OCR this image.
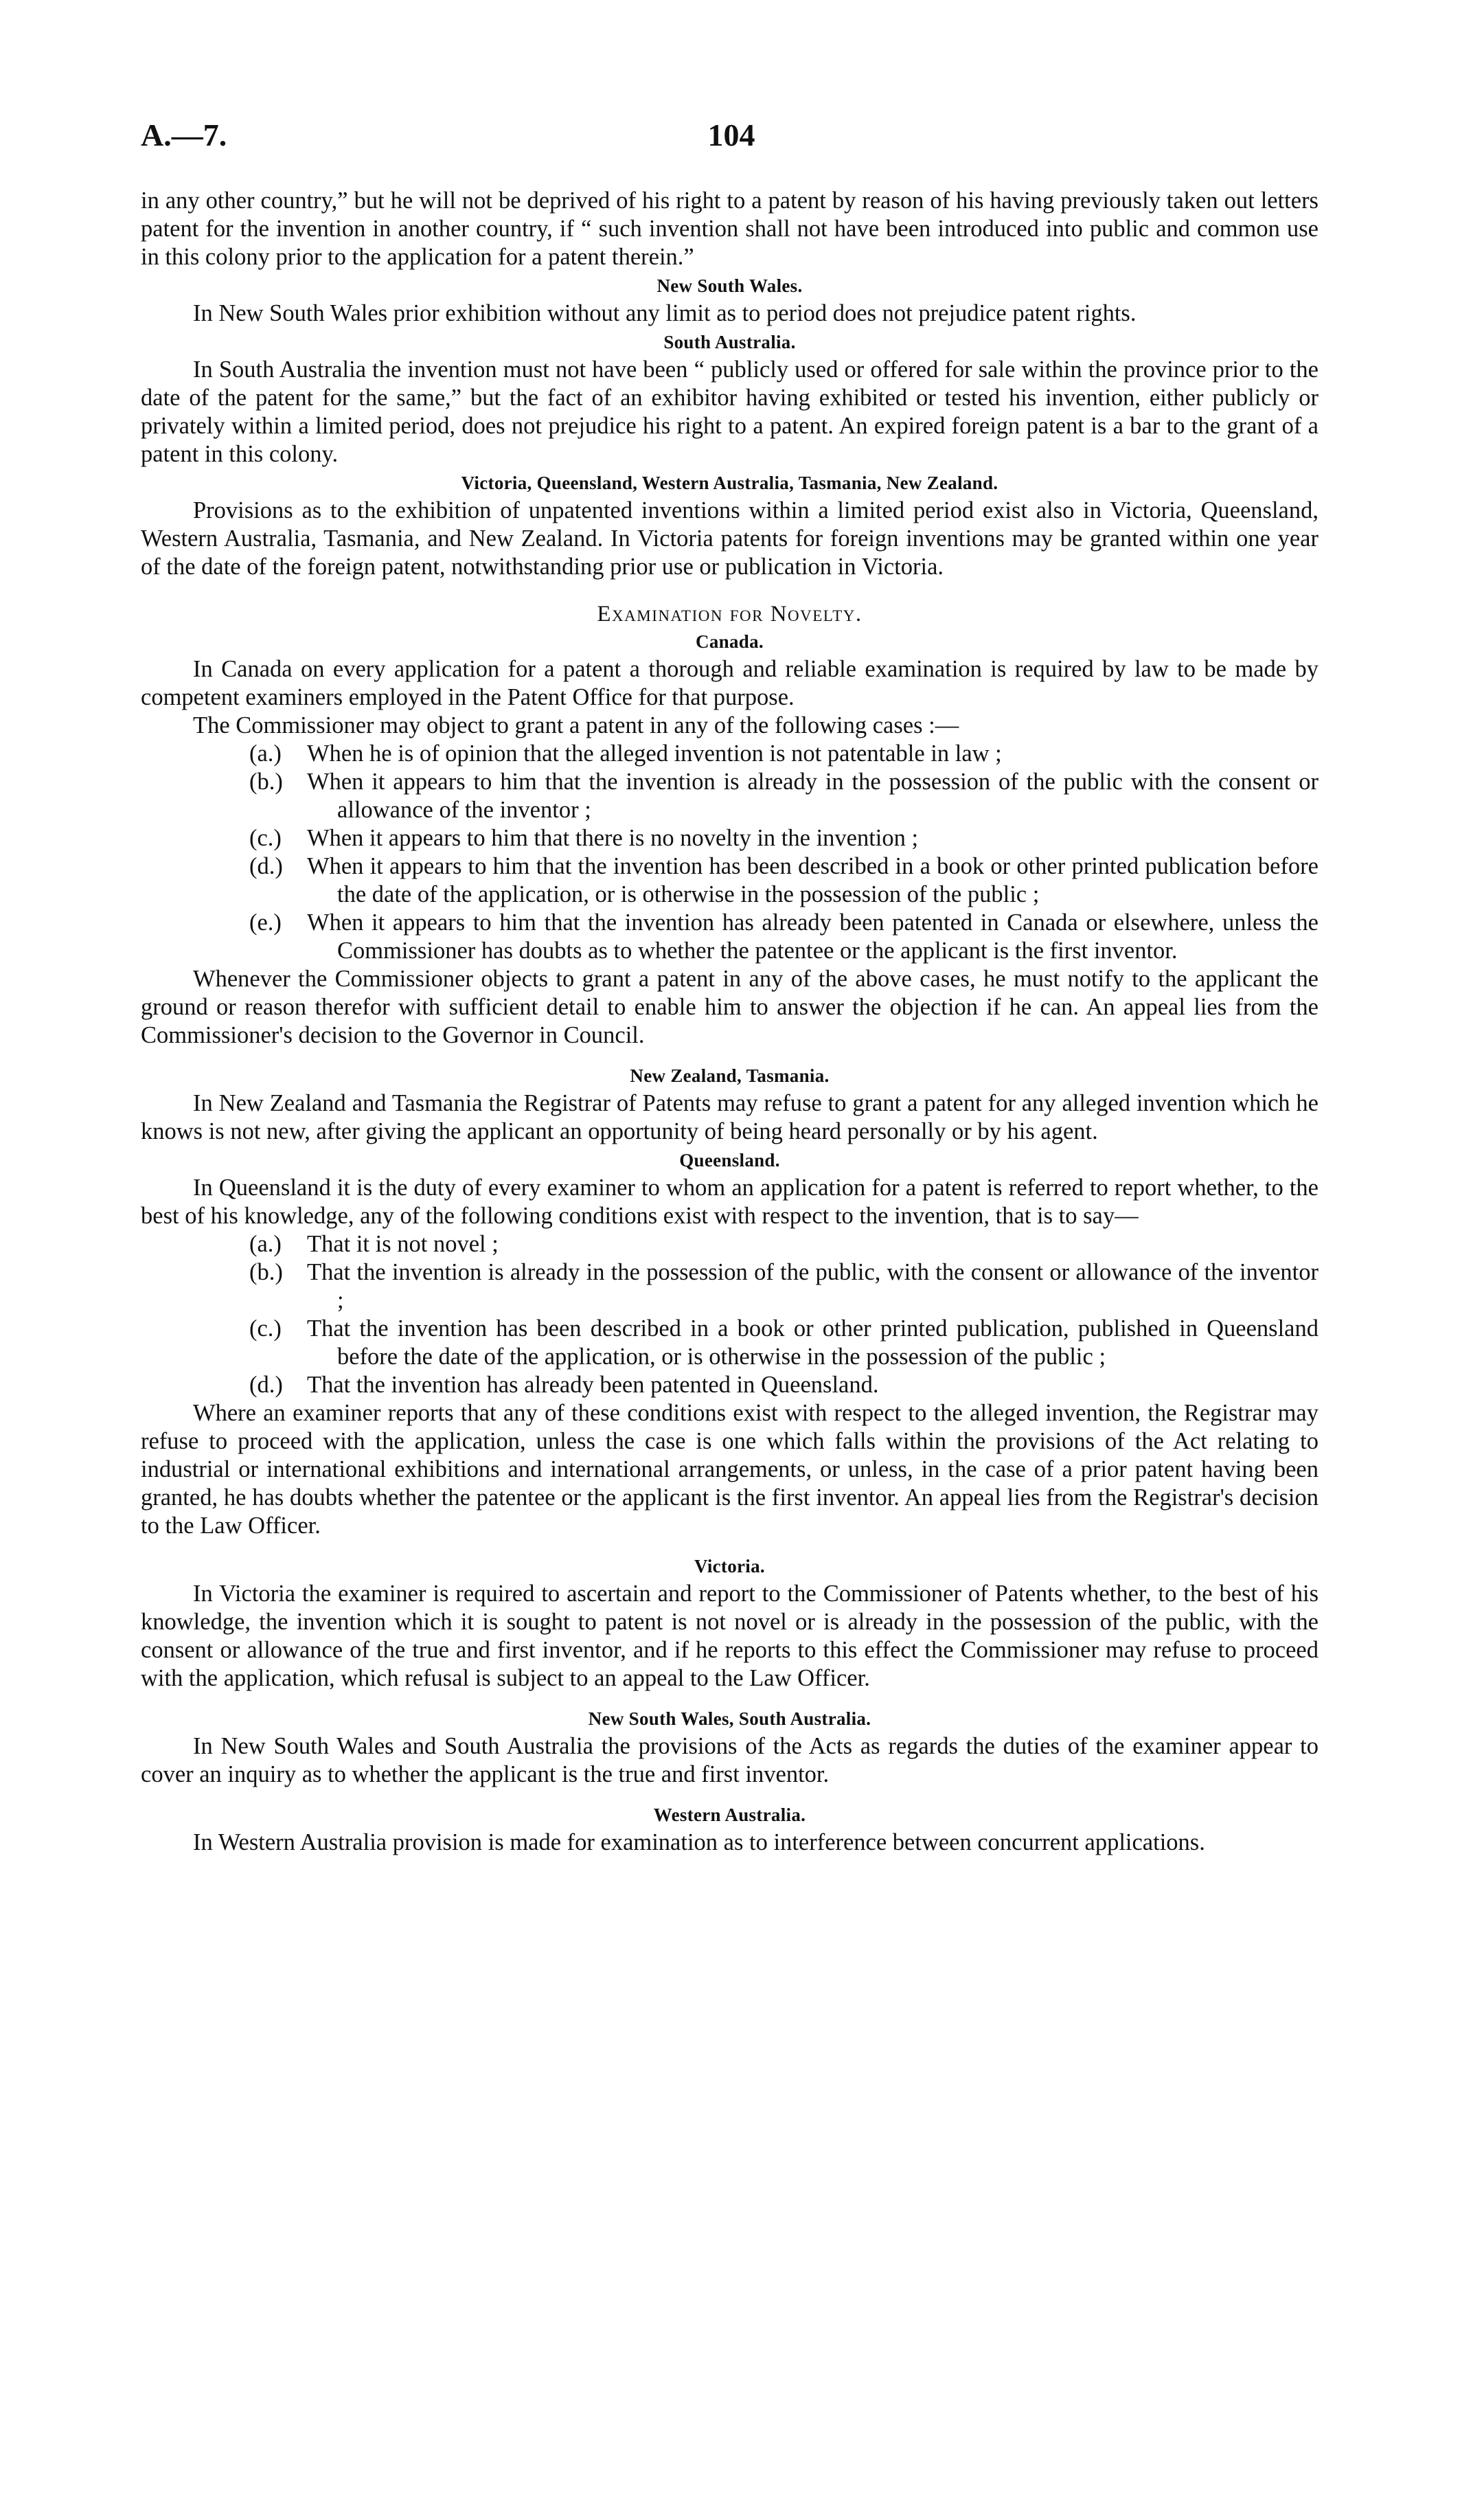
A.—7.	104

in any other country,” but he will not be deprived of his right to a patent by reason of his having previously taken out letters patent for the invention in another country, if “ such invention shall not have been introduced into public and common use in this colony prior to the application for a patent therein.”

New South Wales.

In New South Wales prior exhibition without any limit as to period does not prejudice patent rights.

South Australia.

In South Australia the invention must not have been “ publicly used or offered for sale within the province prior to the date of the patent for the same,” but the fact of an exhibitor having exhibited or tested his invention, either publicly or privately within a limited period, does not prejudice his right to a patent. An expired foreign patent is a bar to the grant of a patent in this colony.

Victoria, Queensland, Western Australia, Tasmania, New Zealand.

Provisions as to the exhibition of unpatented inventions within a limited period exist also in Victoria, Queensland, Western Australia, Tasmania, and New Zealand. In Victoria patents for foreign inventions may be granted within one year of the date of the foreign patent, notwithstanding prior use or publication in Victoria.

Examination for Novelty.
Canada.

In Canada on every application for a patent a thorough and reliable examination is required by law to be made by competent examiners employed in the Patent Office for that purpose.

The Commissioner may object to grant a patent in any of the following cases :—

(a.)	When he is of opinion that the alleged invention is not patentable in law ;
(b.)	When it appears to him that the invention is already in the possession of the public with the consent or allowance of the inventor ;
(c.)	When it appears to him that there is no novelty in the invention ;
(d.)	When it appears to him that the invention has been described in a book or other printed publication before the date of the application, or is otherwise in the possession of the public ;
(e.)	When it appears to him that the invention has already been patented in Canada or elsewhere, unless the Commissioner has doubts as to whether the patentee or the applicant is the first inventor.

Whenever the Commissioner objects to grant a patent in any of the above cases, he must notify to the applicant the ground or reason therefor with sufficient detail to enable him to answer the objection if he can. An appeal lies from the Commissioner's decision to the Governor in Council.

New Zealand, Tasmania.

In New Zealand and Tasmania the Registrar of Patents may refuse to grant a patent for any alleged invention which he knows is not new, after giving the applicant an opportunity of being heard personally or by his agent.

Queensland.

In Queensland it is the duty of every examiner to whom an application for a patent is referred to report whether, to the best of his knowledge, any of the following conditions exist with respect to the invention, that is to say—

(a.)	That it is not novel ;
(b.)	That the invention is already in the possession of the public, with the consent or allowance of the inventor ;
(c.)	That the invention has been described in a book or other printed publication, published in Queensland before the date of the application, or is otherwise in the possession of the public ;
(d.)	That the invention has already been patented in Queensland.

Where an examiner reports that any of these conditions exist with respect to the alleged invention, the Registrar may refuse to proceed with the application, unless the case is one which falls within the provisions of the Act relating to industrial or international exhibitions and international arrangements, or unless, in the case of a prior patent having been granted, he has doubts whether the patentee or the applicant is the first inventor. An appeal lies from the Registrar's decision to the Law Officer.

Victoria.

In Victoria the examiner is required to ascertain and report to the Commissioner of Patents whether, to the best of his knowledge, the invention which it is sought to patent is not novel or is already in the possession of the public, with the consent or allowance of the true and first inventor, and if he reports to this effect the Commissioner may refuse to proceed with the application, which refusal is subject to an appeal to the Law Officer.

New South Wales, South Australia.

In New South Wales and South Australia the provisions of the Acts as regards the duties of the examiner appear to cover an inquiry as to whether the applicant is the true and first inventor.

Western Australia.

In Western Australia provision is made for examination as to interference between concurrent applications.
